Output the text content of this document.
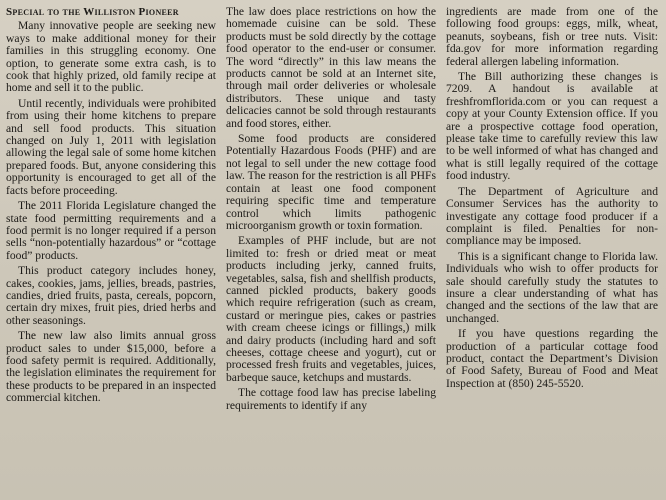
Special to the Williston Pioneer

Many innovative people are seeking new ways to make additional money for their families in this struggling economy. One option, to generate some extra cash, is to cook that highly prized, old family recipe at home and sell it to the public.

Until recently, individuals were prohibited from using their home kitchens to prepare and sell food products. This situation changed on July 1, 2011 with legislation allowing the legal sale of some home kitchen prepared foods. But, anyone considering this opportunity is encouraged to get all of the facts before proceeding.

The 2011 Florida Legislature changed the state food permitting requirements and a food permit is no longer required if a person sells “non-potentially hazardous” or “cottage food” products.

This product category includes honey, cakes, cookies, jams, jellies, breads, pastries, candies, dried fruits, pasta, cereals, popcorn, certain dry mixes, fruit pies, dried herbs and other seasonings.

The new law also limits annual gross product sales to under $15,000, before a food safety permit is required. Additionally, the legislation eliminates the requirement for these products to be prepared in an inspected commercial kitchen.

The law does place restrictions on how the homemade cuisine can be sold. These products must be sold directly by the cottage food operator to the end-user or consumer. The word “directly” in this law means the products cannot be sold at an Internet site, through mail order deliveries or wholesale distributors. These unique and tasty delicacies cannot be sold through restaurants and food stores, either.

Some food products are considered Potentially Hazardous Foods (PHF) and are not legal to sell under the new cottage food law. The reason for the restriction is all PHFs contain at least one food component requiring specific time and temperature control which limits pathogenic microorganism growth or toxin formation.

Examples of PHF include, but are not limited to: fresh or dried meat or meat products including jerky, canned fruits, vegetables, salsa, fish and shellfish products, canned pickled products, bakery goods which require refrigeration (such as cream, custard or meringue pies, cakes or pastries with cream cheese icings or fillings,) milk and dairy products (including hard and soft cheeses, cottage cheese and yogurt), cut or processed fresh fruits and vegetables, juices, barbeque sauce, ketchups and mustards.

The cottage food law has precise labeling requirements to identify if any

ingredients are made from one of the following food groups: eggs, milk, wheat, peanuts, soybeans, fish or tree nuts. Visit: fda.gov for more information regarding federal allergen labeling information.

The Bill authorizing these changes is 7209. A handout is available at freshfromflorida.com or you can request a copy at your County Extension office. If you are a prospective cottage food operation, please take time to carefully review this law to be well informed of what has changed and what is still legally required of the cottage food industry.

The Department of Agriculture and Consumer Services has the authority to investigate any cottage food producer if a complaint is filed. Penalties for non-compliance may be imposed.

This is a significant change to Florida law. Individuals who wish to offer products for sale should carefully study the statutes to insure a clear understanding of what has changed and the sections of the law that are unchanged.

If you have questions regarding the production of a particular cottage food product, contact the Department’s Division of Food Safety, Bureau of Food and Meat Inspection at (850) 245-5520.
